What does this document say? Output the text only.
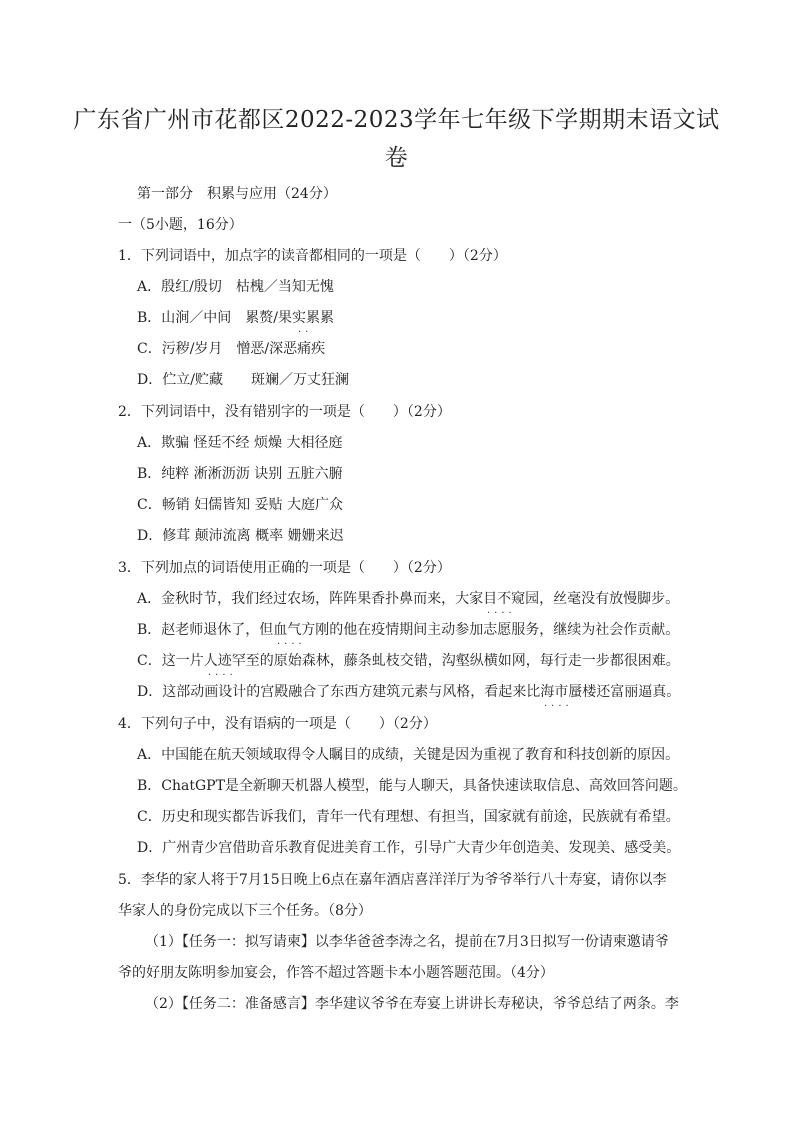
广东省广州市花都区2022-2023学年七年级下学期期末语文试
卷
第一部分　积累与应用（24分）
一（5小题，16分）
1．下列词语中，加点字的读音都相同的一项是（　　）（2分）
A．殷红/殷切　枯槐／当知无愧
B．山涧／中间　累赘/果实累累
··
C．污秽/岁月　憎恶/深恶痛疾
D．伫立/贮藏　　斑斓／万丈狂澜
2．下列词语中，没有错别字的一项是（　　）（2分）
A．欺骗 怪廷不经 烦燥 大相径庭
B．纯粹 淅淅沥沥 诀别 五脏六腑
C．畅销 妇儒皆知 妥贴 大庭广众
D．修茸 颠沛流离 概率 姗姗来迟
3．下列加点的词语使用正确的一项是（　　）（2分）
A．金秋时节，我们经过农场，阵阵果香扑鼻而来，大家目不窥园，丝毫没有放慢脚步。
····
B．赵老师退休了，但血气方刚的他在疫情期间主动参加志愿服务，继续为社会作贡献。
····
C．这一片人迹罕至的原始森林，藤条虬枝交错，沟壑纵横如网，每行走一步都很困难。
····
D．这部动画设计的宫殿融合了东西方建筑元素与风格，看起来比海市蜃楼还富丽逼真。
····
4．下列句子中，没有语病的一项是（　　）（2分）
A．中国能在航天领域取得令人瞩目的成绩，关键是因为重视了教育和科技创新的原因。
B．ChatGPT是全新聊天机器人模型，能与人聊天，具备快速读取信息、高效回答问题。
C．历史和现实都告诉我们，青年一代有理想、有担当，国家就有前途，民族就有希望。
D．广州青少宫借助音乐教育促进美育工作，引导广大青少年创造美、发现美、感受美。
5．李华的家人将于7月15日晚上6点在嘉年酒店喜洋洋厅为爷爷举行八十寿宴，请你以李
华家人的身份完成以下三个任务。（8分）
（1）【任务一：拟写请柬】以李华爸爸李涛之名，提前在7月3日拟写一份请柬邀请爷
爷的好朋友陈明参加宴会，作答不超过答题卡本小题答题范围。（4分）
（2）【任务二：准备感言】李华建议爷爷在寿宴上讲讲长寿秘诀，爷爷总结了两条。李
